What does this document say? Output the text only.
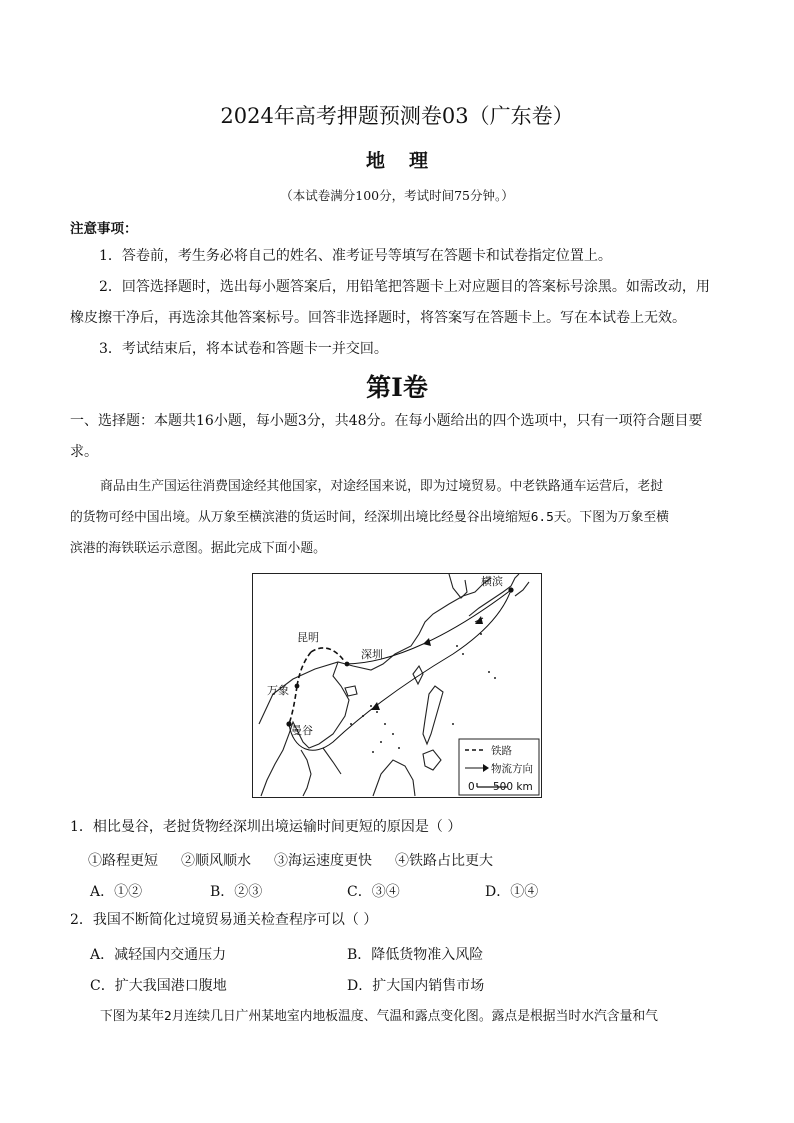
2024年高考押题预测卷03（广东卷）
地 理
（本试卷满分100分，考试时间75分钟。）
注意事项：
1．答卷前，考生务必将自己的姓名、准考证号等填写在答题卡和试卷指定位置上。
2．回答选择题时，选出每小题答案后，用铅笔把答题卡上对应题目的答案标号涂黑。如需改动，用
橡皮擦干净后，再选涂其他答案标号。回答非选择题时，将答案写在答题卡上。写在本试卷上无效。
3．考试结束后，将本试卷和答题卡一并交回。
第Ⅰ卷
一、选择题：本题共16小题，每小题3分，共48分。在每小题给出的四个选项中，只有一项符合题目要
求。
商品由生产国运往消费国途经其他国家，对途经国来说，即为过境贸易。中老铁路通车运营后，老挝
的货物可经中国出境。从万象至横滨港的货运时间，经深圳出境比经曼谷出境缩短6.5天。下图为万象至横
滨港的海铁联运示意图。据此完成下面小题。
横滨
昆明
深圳
万象
曼谷
铁路
物流方向
0 500 km
1．相比曼谷，老挝货物经深圳出境运输时间更短的原因是（ ）
①路程更短 ②顺风顺水 ③海运速度更快 ④铁路占比更大
A．①②	B．②③	C．③④	D．①④
2．我国不断简化过境贸易通关检查程序可以（ ）
A．减轻国内交通压力	B．降低货物准入风险
C．扩大我国港口腹地	D．扩大国内销售市场
下图为某年2月连续几日广州某地室内地板温度、气温和露点变化图。露点是根据当时水汽含量和气
